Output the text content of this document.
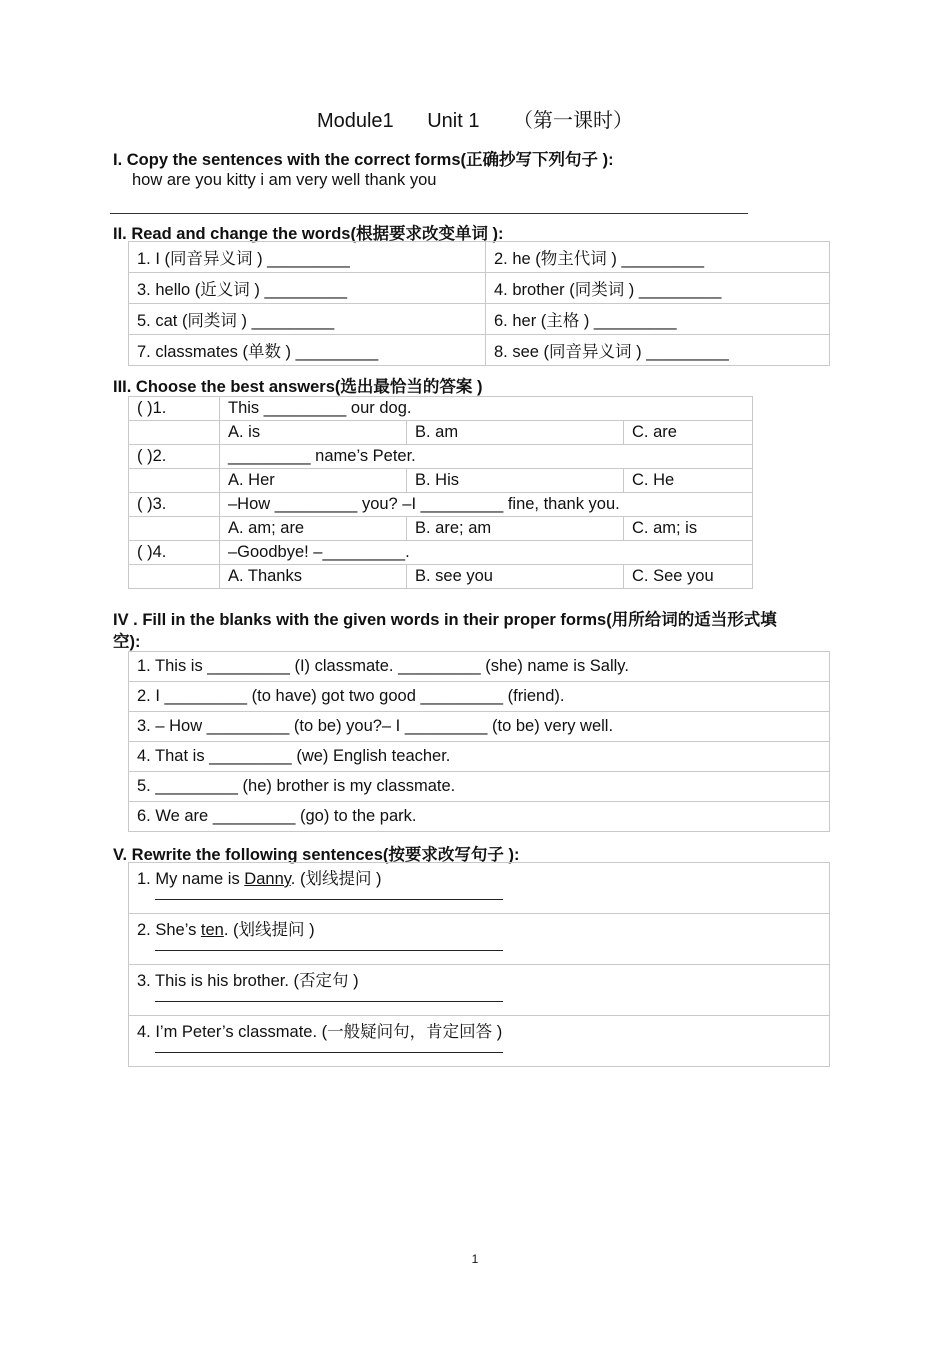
Module1 Unit 1 （第一课时）
I. Copy the sentences with the correct forms(正确抄写下列句子 ):
how are you kitty i am very well thank you
II. Read and change the words(根据要求改变单词 ):
1. I (同音异义词 ) _________	2. he (物主代词 ) _________
3. hello (近义词 ) _________	4. brother (同类词 ) _________
5. cat (同类词 ) _________	6. her (主格 ) _________
7. classmates (单数 ) _________	8. see (同音异义词 ) _________
III. Choose the best answers(选出最恰当的答案 )
( )1.	This _________ our dog.		
	A. is	B. am	C. are
( )2.	_________ name’s Peter.		
	A. Her	B. His	C. He
( )3.	–How _________ you? –I _________ fine, thank you.		
	A. am; are	B. are; am	C. am; is
( )4.	–Goodbye! –_________.		
	A. Thanks	B. see you	C. See you
IV . Fill in the blanks with the given words in their proper forms(用所给词的适当形式填
空):
1. This is _________ (I) classmate. _________ (she) name is Sally.
2. I _________ (to have) got two good _________ (friend).
3. – How _________ (to be) you?– I _________ (to be) very well.
4. That is _________ (we) English teacher.
5. _________ (he) brother is my classmate.
6. We are _________ (go) to the park.
V. Rewrite the following sentences(按要求改写句子 ):
1. My name is Danny. (划线提问 )

2. She’s ten. (划线提问 )

3. This is his brother. (否定句 )

4. I’m Peter’s classmate. (一般疑问句，肯定回答 )
1
